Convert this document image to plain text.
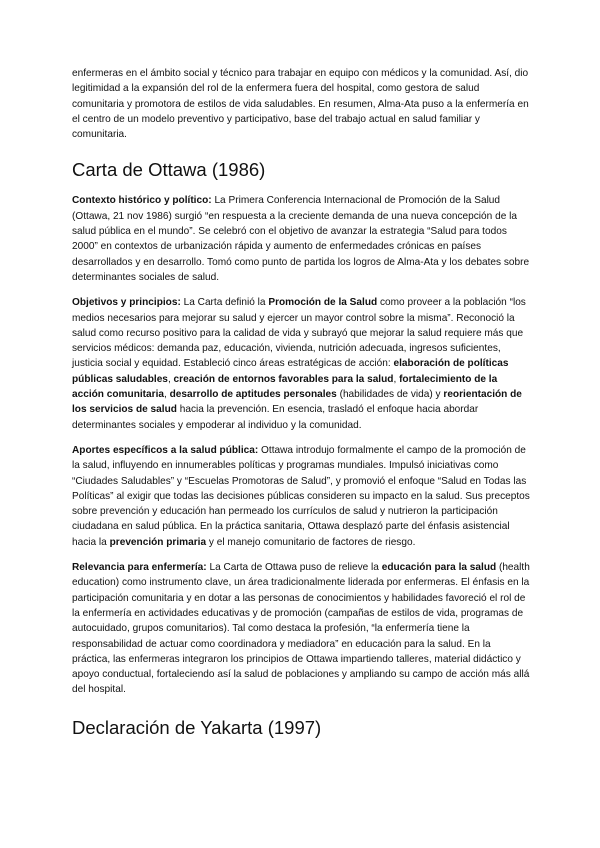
enfermeras en el ámbito social y técnico para trabajar en equipo con médicos y la comunidad. Así, dio legitimidad a la expansión del rol de la enfermera fuera del hospital, como gestora de salud comunitaria y promotora de estilos de vida saludables. En resumen, Alma-Ata puso a la enfermería en el centro de un modelo preventivo y participativo, base del trabajo actual en salud familiar y comunitaria.

Carta de Ottawa (1986)

Contexto histórico y político: La Primera Conferencia Internacional de Promoción de la Salud (Ottawa, 21 nov 1986) surgió “en respuesta a la creciente demanda de una nueva concepción de la salud pública en el mundo”. Se celebró con el objetivo de avanzar la estrategia “Salud para todos 2000” en contextos de urbanización rápida y aumento de enfermedades crónicas en países desarrollados y en desarrollo. Tomó como punto de partida los logros de Alma-Ata y los debates sobre determinantes sociales de salud.

Objetivos y principios: La Carta definió la Promoción de la Salud como proveer a la población “los medios necesarios para mejorar su salud y ejercer un mayor control sobre la misma”. Reconoció la salud como recurso positivo para la calidad de vida y subrayó que mejorar la salud requiere más que servicios médicos: demanda paz, educación, vivienda, nutrición adecuada, ingresos suficientes, justicia social y equidad. Estableció cinco áreas estratégicas de acción: elaboración de políticas públicas saludables, creación de entornos favorables para la salud, fortalecimiento de la acción comunitaria, desarrollo de aptitudes personales (habilidades de vida) y reorientación de los servicios de salud hacia la prevención. En esencia, trasladó el enfoque hacia abordar determinantes sociales y empoderar al individuo y la comunidad.

Aportes específicos a la salud pública: Ottawa introdujo formalmente el campo de la promoción de la salud, influyendo en innumerables políticas y programas mundiales. Impulsó iniciativas como “Ciudades Saludables” y “Escuelas Promotoras de Salud”, y promovió el enfoque “Salud en Todas las Políticas” al exigir que todas las decisiones públicas consideren su impacto en la salud. Sus preceptos sobre prevención y educación han permeado los currículos de salud y nutrieron la participación ciudadana en salud pública. En la práctica sanitaria, Ottawa desplazó parte del énfasis asistencial hacia la prevención primaria y el manejo comunitario de factores de riesgo.

Relevancia para enfermería: La Carta de Ottawa puso de relieve la educación para la salud (health education) como instrumento clave, un área tradicionalmente liderada por enfermeras. El énfasis en la participación comunitaria y en dotar a las personas de conocimientos y habilidades favoreció el rol de la enfermería en actividades educativas y de promoción (campañas de estilos de vida, programas de autocuidado, grupos comunitarios). Tal como destaca la profesión, “la enfermería tiene la responsabilidad de actuar como coordinadora y mediadora” en educación para la salud. En la práctica, las enfermeras integraron los principios de Ottawa impartiendo talleres, material didáctico y apoyo conductual, fortaleciendo así la salud de poblaciones y ampliando su campo de acción más allá del hospital.

Declaración de Yakarta (1997)
